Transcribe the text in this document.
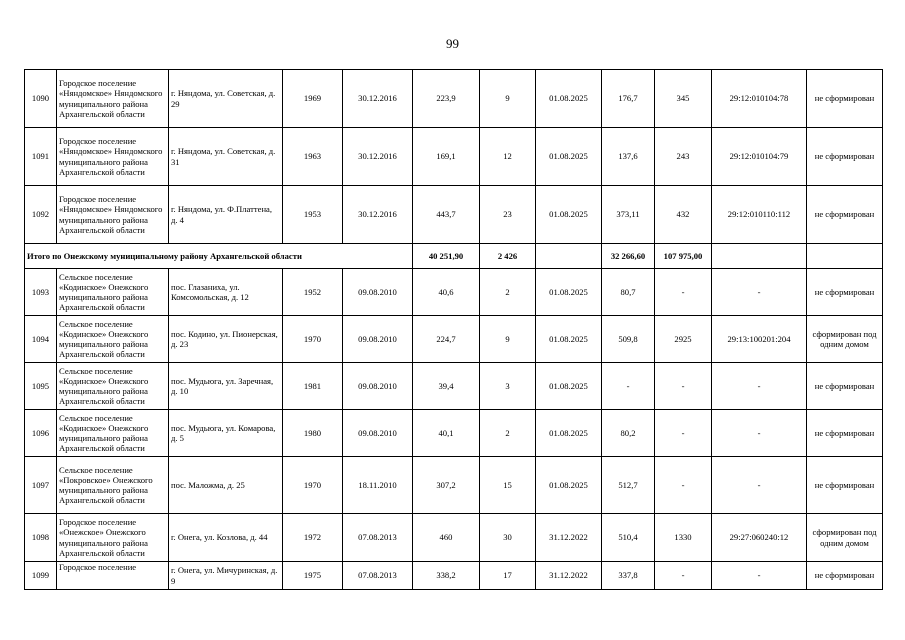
99
1090	Городское поселение «Няндомское» Няндомского муниципального района Архангельской области	г. Няндома, ул. Советская, д. 29	1969	30.12.2016	223,9	9	01.08.2025	176,7	345	29:12:010104:78	не сформирован
1091	Городское поселение «Няндомское» Няндомского муниципального района Архангельской области	г. Няндома, ул. Советская, д. 31	1963	30.12.2016	169,1	12	01.08.2025	137,6	243	29:12:010104:79	не сформирован
1092	Городское поселение «Няндомское» Няндомского муниципального района Архангельской области	г. Няндома, ул. Ф.Платтена, д. 4	1953	30.12.2016	443,7	23	01.08.2025	373,11	432	29:12:010110:112	не сформирован
Итого по Онежскому муниципальному району Архангельской области					40 251,90	2 426		32 266,60	107 975,00		
1093	Сельское поселение «Кодинское» Онежского муниципального района Архангельской области	пос. Глазаниха, ул. Комсомольская, д. 12	1952	09.08.2010	40,6	2	01.08.2025	80,7	-	-	не сформирован
1094	Сельское поселение «Кодинское» Онежского муниципального района Архангельской области	пос. Кодино, ул. Пионерская, д. 23	1970	09.08.2010	224,7	9	01.08.2025	509,8	2925	29:13:100201:204	сформирован под одним домом
1095	Сельское поселение «Кодинское» Онежского муниципального района Архангельской области	пос. Мудьюга, ул. Заречная, д. 10	1981	09.08.2010	39,4	3	01.08.2025	-	-	-	не сформирован
1096	Сельское поселение «Кодинское» Онежского муниципального района Архангельской области	пос. Мудьюга, ул. Комарова, д. 5	1980	09.08.2010	40,1	2	01.08.2025	80,2	-	-	не сформирован
1097	Сельское поселение «Покровское» Онежского муниципального района Архангельской области	пос. Маложма, д. 25	1970	18.11.2010	307,2	15	01.08.2025	512,7	-	-	не сформирован
1098	Городское поселение «Онежское» Онежского муниципального района Архангельской области	г. Онега, ул. Козлова, д. 44	1972	07.08.2013	460	30	31.12.2022	510,4	1330	29:27:060240:12	сформирован под одним домом
1099	Городское поселение	г. Онега, ул. Мичуринская, д. 9	1975	07.08.2013	338,2	17	31.12.2022	337,8	-	-	не сформирован
